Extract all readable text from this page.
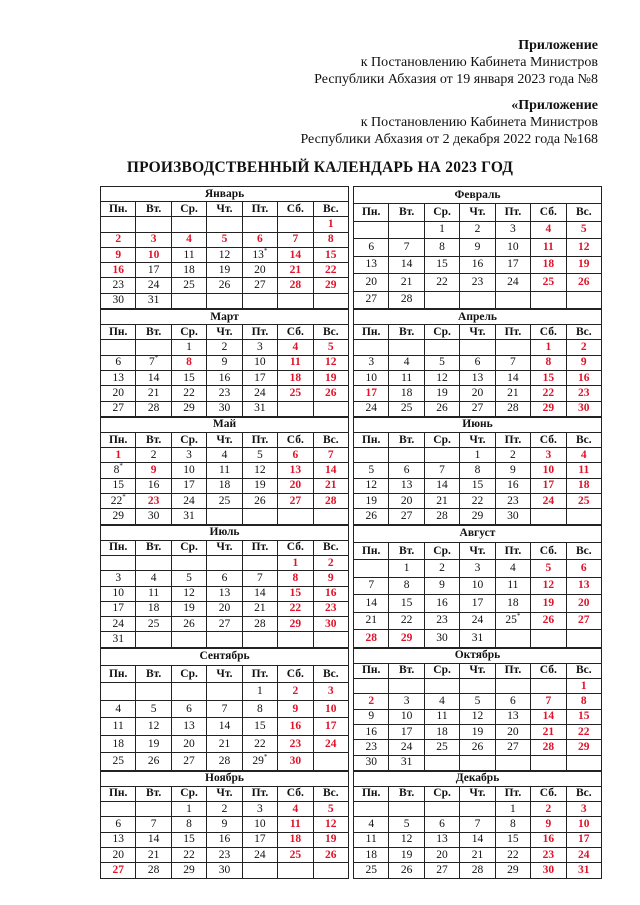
Приложение
к Постановлению Кабинета Министров
Республики Абхазия от 19 января 2023 года №8
«Приложение
к Постановлению Кабинета Министров
Республики Абхазия от 2 декабря 2022 года №168
ПРОИЗВОДСТВЕННЫЙ КАЛЕНДАРЬ НА 2023 ГОД
Январь						
Пн.	Вт.	Ср.	Чт.	Пт.	Сб.	Вс.
						1
2	3	4	5	6	7	8
9	10	11	12	13*	14	15
16	17	18	19	20	21	22
23	24	25	26	27	28	29
30	31					
Февраль						
Пн.	Вт.	Ср.	Чт.	Пт.	Сб.	Вс.
		1	2	3	4	5
6	7	8	9	10	11	12
13	14	15	16	17	18	19
20	21	22	23	24	25	26
27	28					
Март						
Пн.	Вт.	Ср.	Чт.	Пт.	Сб.	Вс.
		1	2	3	4	5
6	7*	8	9	10	11	12
13	14	15	16	17	18	19
20	21	22	23	24	25	26
27	28	29	30	31		
Апрель						
Пн.	Вт.	Ср.	Чт.	Пт.	Сб.	Вс.
					1	2
3	4	5	6	7	8	9
10	11	12	13	14	15	16
17	18	19	20	21	22	23
24	25	26	27	28	29	30
Май						
Пн.	Вт.	Ср.	Чт.	Пт.	Сб.	Вс.
1	2	3	4	5	6	7
8*	9	10	11	12	13	14
15	16	17	18	19	20	21
22*	23	24	25	26	27	28
29	30	31				
Июнь						
Пн.	Вт.	Ср.	Чт.	Пт.	Сб.	Вс.
			1	2	3	4
5	6	7	8	9	10	11
12	13	14	15	16	17	18
19	20	21	22	23	24	25
26	27	28	29	30		
Июль						
Пн.	Вт.	Ср.	Чт.	Пт.	Сб.	Вс.
					1	2
3	4	5	6	7	8	9
10	11	12	13	14	15	16
17	18	19	20	21	22	23
24	25	26	27	28	29	30
31						
Август						
Пн.	Вт.	Ср.	Чт.	Пт.	Сб.	Вс.
	1	2	3	4	5	6
7	8	9	10	11	12	13
14	15	16	17	18	19	20
21	22	23	24	25*	26	27
28	29	30	31			
Сентябрь						
Пн.	Вт.	Ср.	Чт.	Пт.	Сб.	Вс.
				1	2	3
4	5	6	7	8	9	10
11	12	13	14	15	16	17
18	19	20	21	22	23	24
25	26	27	28	29*	30	
Октябрь						
Пн.	Вт.	Ср.	Чт.	Пт.	Сб.	Вс.
						1
2	3	4	5	6	7	8
9	10	11	12	13	14	15
16	17	18	19	20	21	22
23	24	25	26	27	28	29
30	31					
Ноябрь						
Пн.	Вт.	Ср.	Чт.	Пт.	Сб.	Вс.
		1	2	3	4	5
6	7	8	9	10	11	12
13	14	15	16	17	18	19
20	21	22	23	24	25	26
27	28	29	30			
Декабрь						
Пн.	Вт.	Ср.	Чт.	Пт.	Сб.	Вс.
				1	2	3
4	5	6	7	8	9	10
11	12	13	14	15	16	17
18	19	20	21	22	23	24
25	26	27	28	29	30	31
